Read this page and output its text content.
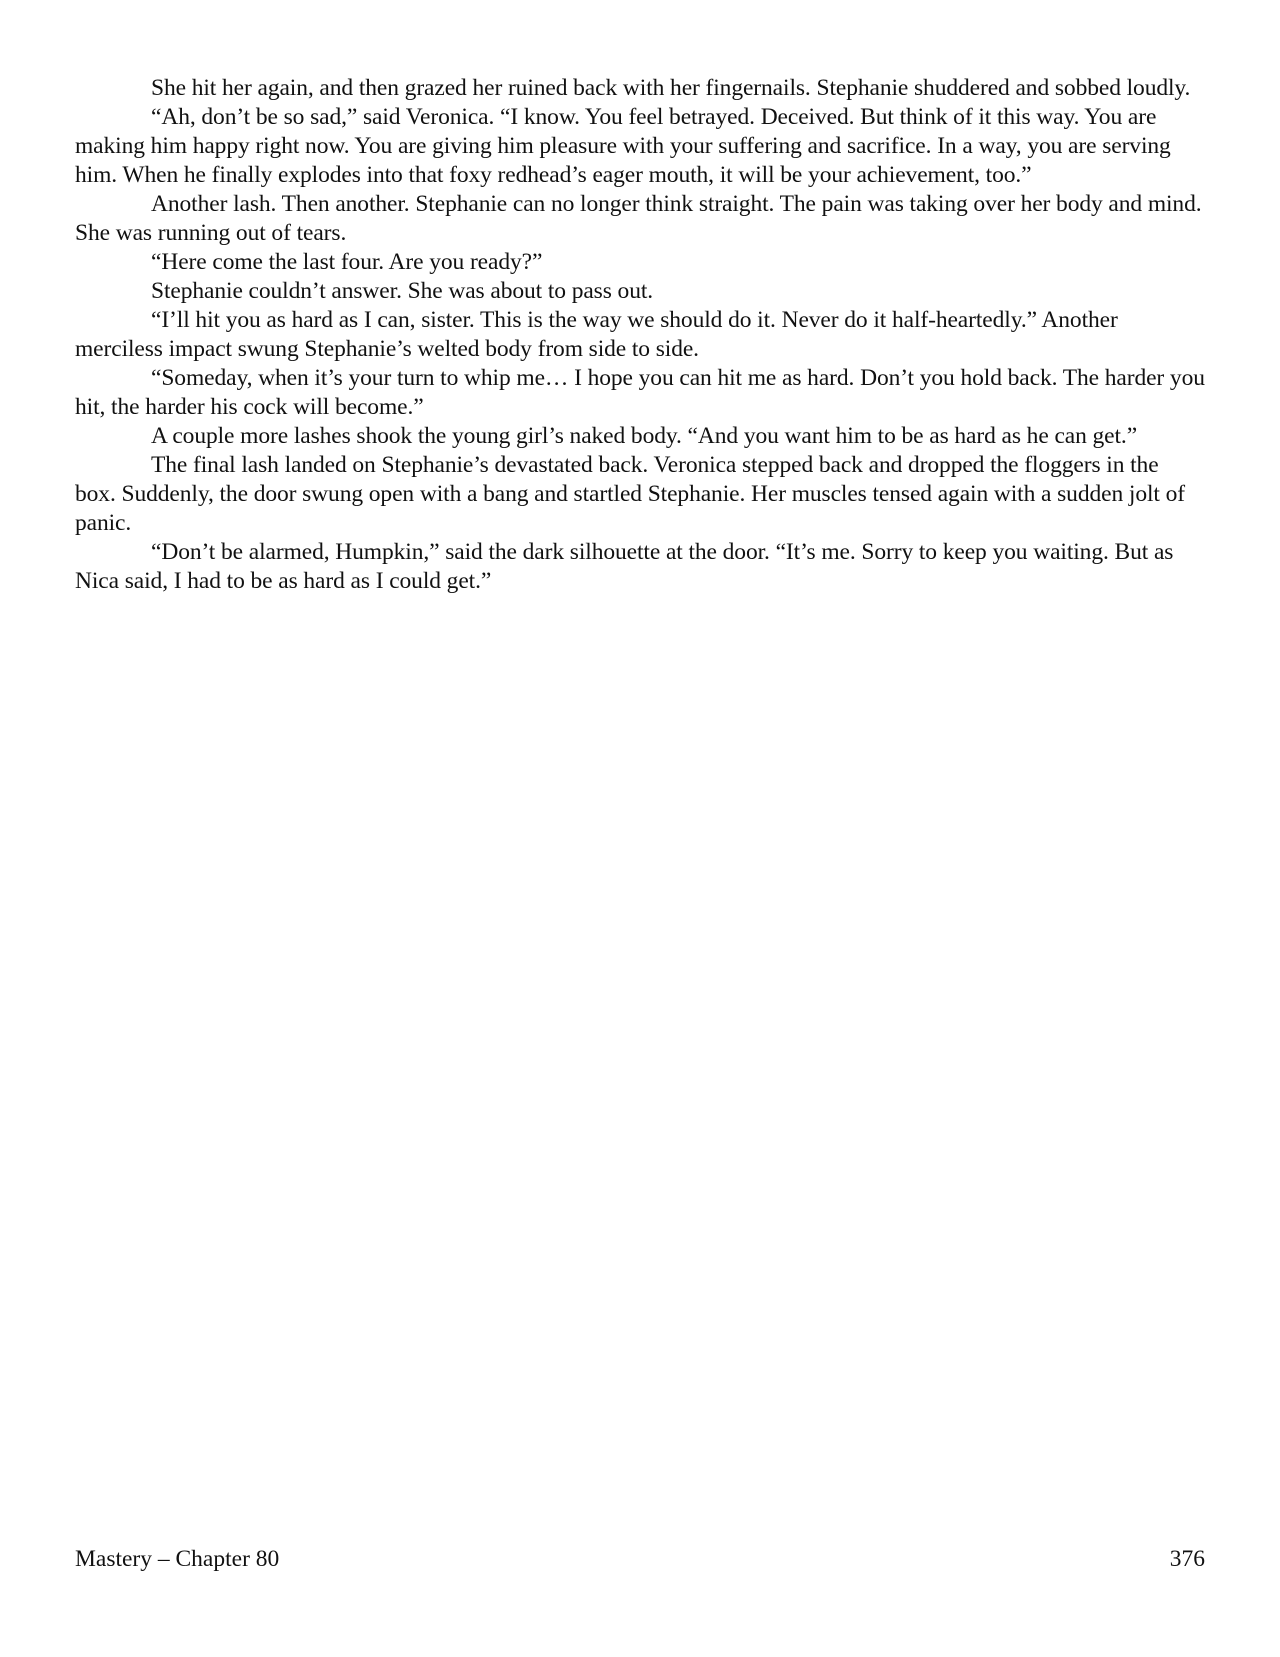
She hit her again, and then grazed her ruined back with her fingernails. Stephanie shuddered and sobbed loudly.

“Ah, don’t be so sad,” said Veronica. “I know. You feel betrayed. Deceived. But think of it this way. You are making him happy right now. You are giving him pleasure with your suffering and sacrifice. In a way, you are serving him. When he finally explodes into that foxy redhead’s eager mouth, it will be your achievement, too.”

Another lash. Then another. Stephanie can no longer think straight. The pain was taking over her body and mind. She was running out of tears.

“Here come the last four. Are you ready?”

Stephanie couldn’t answer. She was about to pass out.

“I’ll hit you as hard as I can, sister. This is the way we should do it. Never do it half-heartedly.” Another merciless impact swung Stephanie’s welted body from side to side.

“Someday, when it’s your turn to whip me… I hope you can hit me as hard. Don’t you hold back. The harder you hit, the harder his cock will become.”

A couple more lashes shook the young girl’s naked body. “And you want him to be as hard as he can get.”

The final lash landed on Stephanie’s devastated back. Veronica stepped back and dropped the floggers in the box. Suddenly, the door swung open with a bang and startled Stephanie. Her muscles tensed again with a sudden jolt of panic.

“Don’t be alarmed, Humpkin,” said the dark silhouette at the door. “It’s me. Sorry to keep you waiting. But as Nica said, I had to be as hard as I could get.”

Mastery – Chapter 80	376
